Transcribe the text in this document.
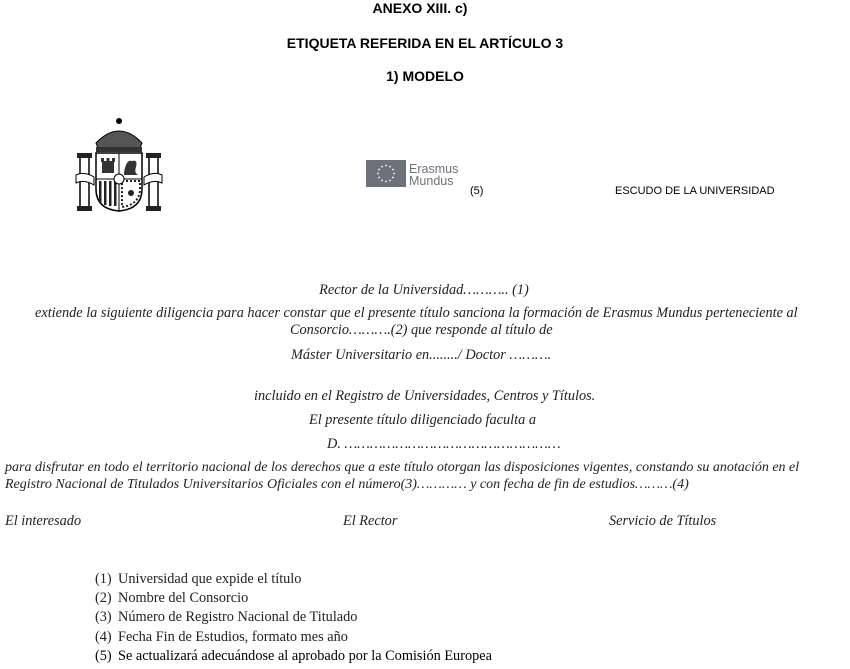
ANEXO XIII. c)
ETIQUETA REFERIDA EN EL ARTÍCULO 3
1) MODELO
Erasmus
Mundus
(5)	ESCUDO DE LA UNIVERSIDAD
Rector de la Universidad……….. (1)
extiende la siguiente diligencia para hacer constar que el presente título sanciona la formación de Erasmus Mundus perteneciente al
Consorcio……….(2) que responde al título de
Máster Universitario en......../ Doctor ……….
incluido en el Registro de Universidades, Centros y Títulos.
El presente título diligenciado faculta a
D. ……………………………………………
para disfrutar en todo el territorio nacional de los derechos que a este título otorgan las disposiciones vigentes, constando su anotación en el
Registro Nacional de Titulados Universitarios Oficiales con el número(3)………… y con fecha de fin de estudios………(4)
El interesado	El Rector	Servicio de Títulos
(1) Universidad que expide el título
(2) Nombre del Consorcio
(3) Número de Registro Nacional de Titulado
(4) Fecha Fin de Estudios, formato mes año
(5) Se actualizará adecuándose al aprobado por la Comisión Europea
